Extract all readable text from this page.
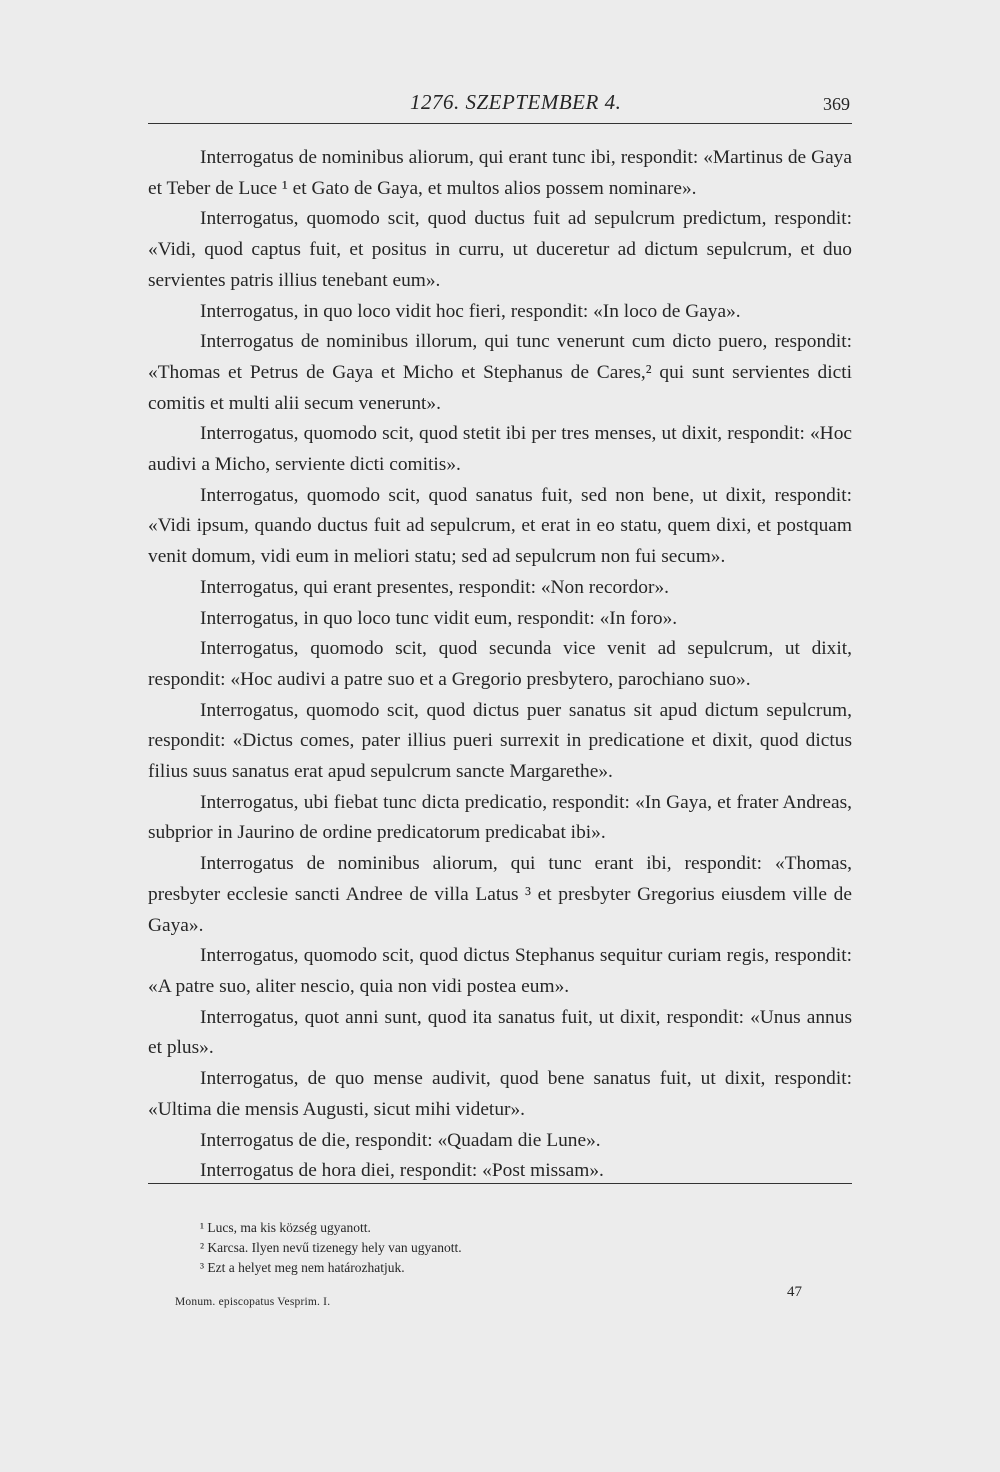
1276. SZEPTEMBER 4.	369

Interrogatus de nominibus aliorum, qui erant tunc ibi, respondit: «Martinus de Gaya et Teber de Luce ¹ et Gato de Gaya, et multos alios possem nominare».

Interrogatus, quomodo scit, quod ductus fuit ad sepulcrum predictum, respondit: «Vidi, quod captus fuit, et positus in curru, ut duceretur ad dictum sepulcrum, et duo servientes patris illius tenebant eum».

Interrogatus, in quo loco vidit hoc fieri, respondit: «In loco de Gaya».

Interrogatus de nominibus illorum, qui tunc venerunt cum dicto puero, respondit: «Thomas et Petrus de Gaya et Micho et Stephanus de Cares,² qui sunt servientes dicti comitis et multi alii secum venerunt».

Interrogatus, quomodo scit, quod stetit ibi per tres menses, ut dixit, respondit: «Hoc audivi a Micho, serviente dicti comitis».

Interrogatus, quomodo scit, quod sanatus fuit, sed non bene, ut dixit, respondit: «Vidi ipsum, quando ductus fuit ad sepulcrum, et erat in eo statu, quem dixi, et postquam venit domum, vidi eum in meliori statu; sed ad sepulcrum non fui secum».

Interrogatus, qui erant presentes, respondit: «Non recordor».

Interrogatus, in quo loco tunc vidit eum, respondit: «In foro».

Interrogatus, quomodo scit, quod secunda vice venit ad sepulcrum, ut dixit, respondit: «Hoc audivi a patre suo et a Gregorio presbytero, parochiano suo».

Interrogatus, quomodo scit, quod dictus puer sanatus sit apud dictum sepulcrum, respondit: «Dictus comes, pater illius pueri surrexit in predicatione et dixit, quod dictus filius suus sanatus erat apud sepulcrum sancte Margarethe».

Interrogatus, ubi fiebat tunc dicta predicatio, respondit: «In Gaya, et frater Andreas, subprior in Jaurino de ordine predicatorum predicabat ibi».

Interrogatus de nominibus aliorum, qui tunc erant ibi, respondit: «Thomas, presbyter ecclesie sancti Andree de villa Latus ³ et presbyter Gregorius eiusdem ville de Gaya».

Interrogatus, quomodo scit, quod dictus Stephanus sequitur curiam regis, respondit: «A patre suo, aliter nescio, quia non vidi postea eum».

Interrogatus, quot anni sunt, quod ita sanatus fuit, ut dixit, respondit: «Unus annus et plus».

Interrogatus, de quo mense audivit, quod bene sanatus fuit, ut dixit, respondit: «Ultima die mensis Augusti, sicut mihi videtur».

Interrogatus de die, respondit: «Quadam die Lune».

Interrogatus de hora diei, respondit: «Post missam».

¹ Lucs, ma kis község ugyanott.
² Karcsa. Ilyen nevű tizenegy hely van ugyanott.
³ Ezt a helyet meg nem határozhatjuk.
Monum. episcopatus Vesprim. I.
47
